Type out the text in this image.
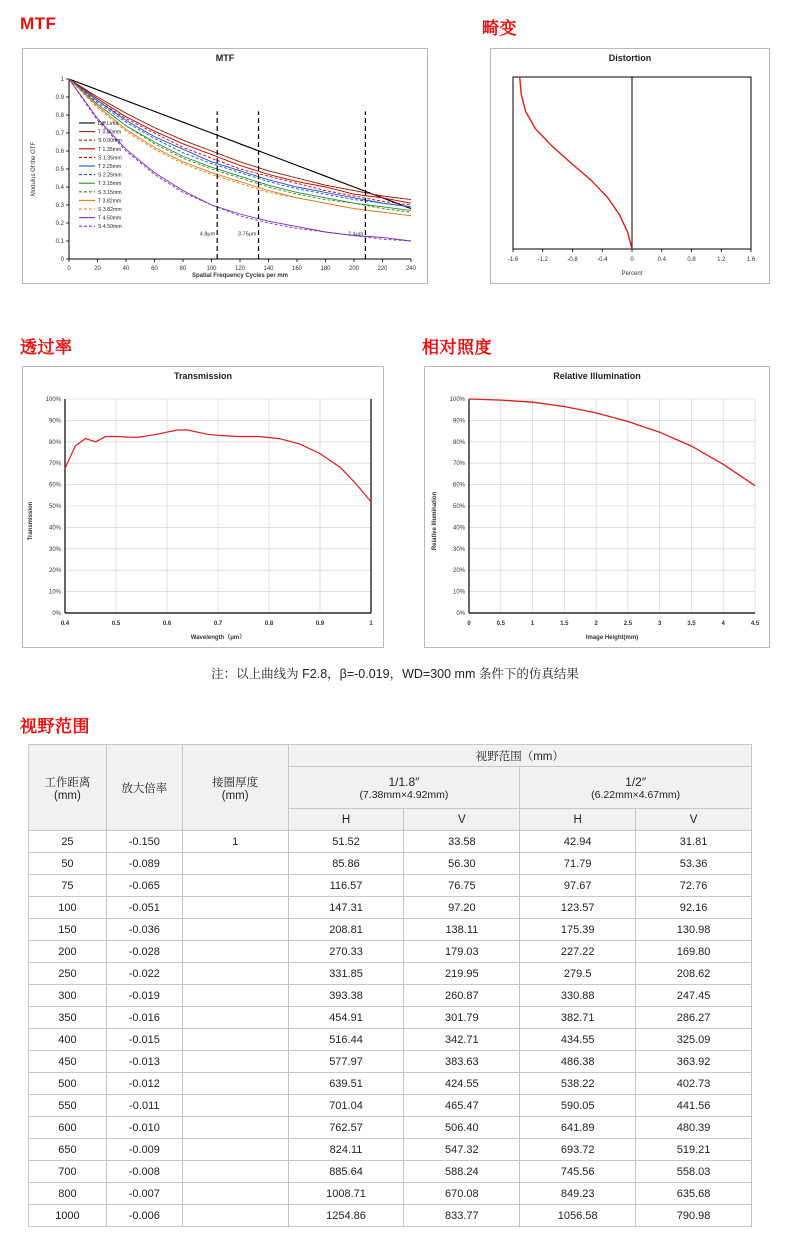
MTF
MTF
0
0.1
0.2
0.3
0.4
0.5
0.6
0.7
0.8
0.9
1
0	20	40	60	80	100	120	140	160	180	200	220	240
4.8μm	3.75μm	2.4μm
Diff.Limit
T 0.00mm
S 0.00mm
T 1.35mm
S 1.35mm
T 2.25mm
S 2.25mm
T 3.15mm
S 3.15mm
T 3.82mm
S 3.82mm
T 4.50mm
S 4.50mm
Spatial Frequency Cycles per mm
Modulus Of the OTF
畸变
Distortion
-1.6	-1.2	-0.8	-0.4	0	0.4	0.8	1.2	1.6
Percent
透过率
Transmission
0%
10%
20%
30%
40%
50%
60%
70%
80%
90%
100%
0.4	0.5	0.6	0.7	0.8	0.9	1
Wavelength（μm）
Transmission
相对照度
Relative Illumination
0%
10%
20%
30%
40%
50%
60%
70%
80%
90%
100%
0	0.5	1	1.5	2	2.5	3	3.5	4	4.5
Image Height(mm)
Relative Illumination
注：以上曲线为 F2.8，β=-0.019，WD=300 mm 条件下的仿真结果
视野范围
工作距离
(mm)
	放大倍率	接圈厚度
(mm)
	视野范围（mm）

1/1.8″
(7.38mm×4.92mm)

1/2″
(6.22mm×4.67mm)

			H	V	H	V
25	-0.150	1	51.52	33.58	42.94	31.81
50	-0.089		85.86	56.30	71.79	53.36
75	-0.065		116.57	76.75	97.67	72.76
100	-0.051		147.31	97.20	123.57	92.16
150	-0.036		208.81	138.11	175.39	130.98
200	-0.028		270.33	179.03	227.22	169.80
250	-0.022		331.85	219.95	279.5	208.62
300	-0.019		393.38	260.87	330.88	247.45
350	-0.016		454.91	301.79	382.71	286.27
400	-0.015		516.44	342.71	434.55	325.09
450	-0.013		577.97	383.63	486.38	363.92
500	-0.012		639.51	424.55	538.22	402.73
550	-0.011		701.04	465.47	590.05	441.56
600	-0.010		762.57	506.40	641.89	480.39
650	-0.009		824.11	547.32	693.72	519.21
700	-0.008		885.64	588.24	745.56	558.03
800	-0.007		1008.71	670.08	849.23	635.68
1000	-0.006		1254.86	833.77	1056.58	790.98
